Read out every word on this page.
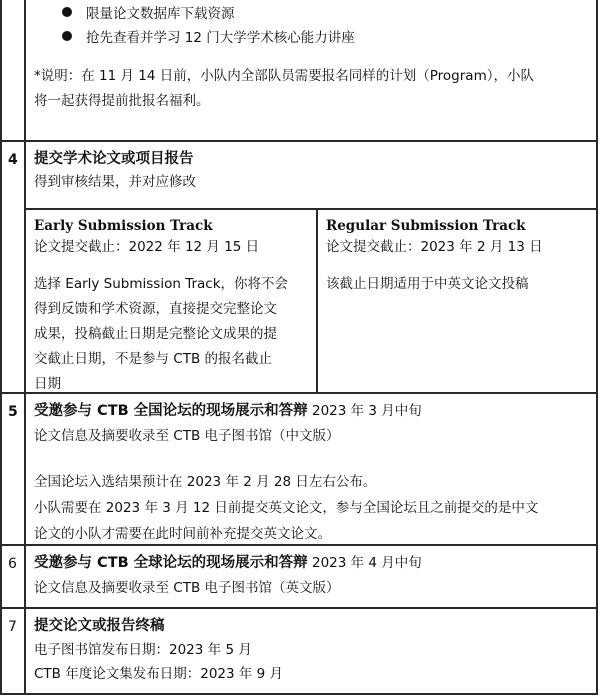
限量论文数据库下载资源
抢先查看并学习 12 门大学学术核心能力讲座
*说明：在 11 月 14 日前，小队内全部队员需要报名同样的计划（Program），小队
将一起获得提前批报名福利。
4	提交学术论文或项目报告
得到审核结果，并对应修改
Early Submission Track
论文提交截止：2022 年 12 月 15 日
选择 Early Submission Track，你将不会
得到反馈和学术资源，直接提交完整论文
成果，投稿截止日期是完整论文成果的提
交截止日期，不是参与 CTB 的报名截止
日期
Regular Submission Track
论文提交截止：2023 年 2 月 13 日
该截止日期适用于中英文论文投稿
5	受邀参与 CTB 全国论坛的现场展示和答辩 2023 年 3 月中旬
论文信息及摘要收录至 CTB 电子图书馆（中文版）
全国论坛入选结果预计在 2023 年 2 月 28 日左右公布。
小队需要在 2023 年 3 月 12 日前提交英文论文，参与全国论坛且之前提交的是中文
论文的小队才需要在此时间前补充提交英文论文。
6	受邀参与 CTB 全球论坛的现场展示和答辩 2023 年 4 月中旬
论文信息及摘要收录至 CTB 电子图书馆（英文版）
7	提交论文或报告终稿
电子图书馆发布日期：2023 年 5 月
CTB 年度论文集发布日期：2023 年 9 月
